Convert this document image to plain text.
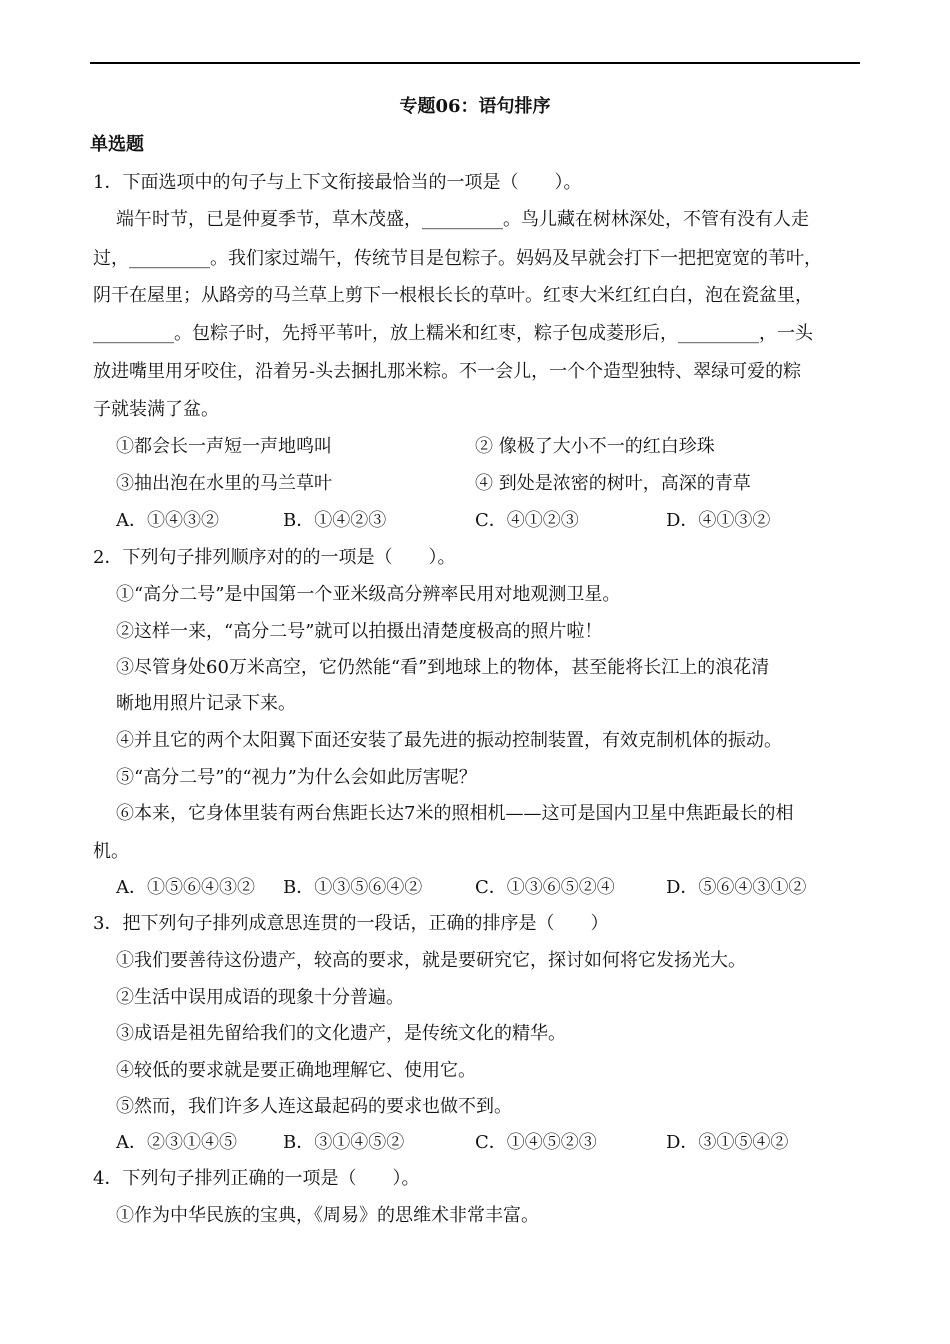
专题06：语句排序
单选题
1．下面选项中的句子与上下文衔接最恰当的一项是（　　）。
端午时节，已是仲夏季节，草木茂盛，_________。鸟儿藏在树林深处，不管有没有人走
过，_________。我们家过端午，传统节目是包粽子。妈妈及早就会打下一把把宽宽的苇叶，
阴干在屋里；从路旁的马兰草上剪下一根根长长的草叶。红枣大米红红白白，泡在瓷盆里，
_________。包粽子时，先捋平苇叶，放上糯米和红枣，粽子包成菱形后，_________，一头
放进嘴里用牙咬住，沿着另-头去捆扎那米粽。不一会儿，一个个造型独特、翠绿可爱的粽
子就装满了盆。
①都会长一声短一声地鸣叫	② 像极了大小不一的红白珍珠
③抽出泡在水里的马兰草叶	④ 到处是浓密的树叶，高深的青草
A．①④③②	B．①④②③	C．④①②③	D．④①③②
2．下列句子排列顺序对的的一项是（　　）。
①“高分二号”是中国第一个亚米级高分辨率民用对地观测卫星。
②这样一来，“高分二号”就可以拍摄出清楚度极高的照片啦！
③尽管身处60万米高空，它仍然能“看”到地球上的物体，甚至能将长江上的浪花清
晰地用照片记录下来。
④并且它的两个太阳翼下面还安装了最先进的振动控制装置，有效克制机体的振动。
⑤“高分二号”的“视力”为什么会如此厉害呢？
⑥本来，它身体里装有两台焦距长达7米的照相机——这可是国内卫星中焦距最长的相
机。
A．①⑤⑥④③② B．①③⑤⑥④②	C．①③⑥⑤②④	D．⑤⑥④③①②
3．把下列句子排列成意思连贯的一段话，正确的排序是（　　）
①我们要善待这份遗产，较高的要求，就是要研究它，探讨如何将它发扬光大。
②生活中误用成语的现象十分普遍。
③成语是祖先留给我们的文化遗产，是传统文化的精华。
④较低的要求就是要正确地理解它、使用它。
⑤然而，我们许多人连这最起码的要求也做不到。
A．②③①④⑤	B．③①④⑤②	C．①④⑤②③	D．③①⑤④②
4．下列句子排列正确的一项是（　　）。
①作为中华民族的宝典，《周易》的思维术非常丰富。
